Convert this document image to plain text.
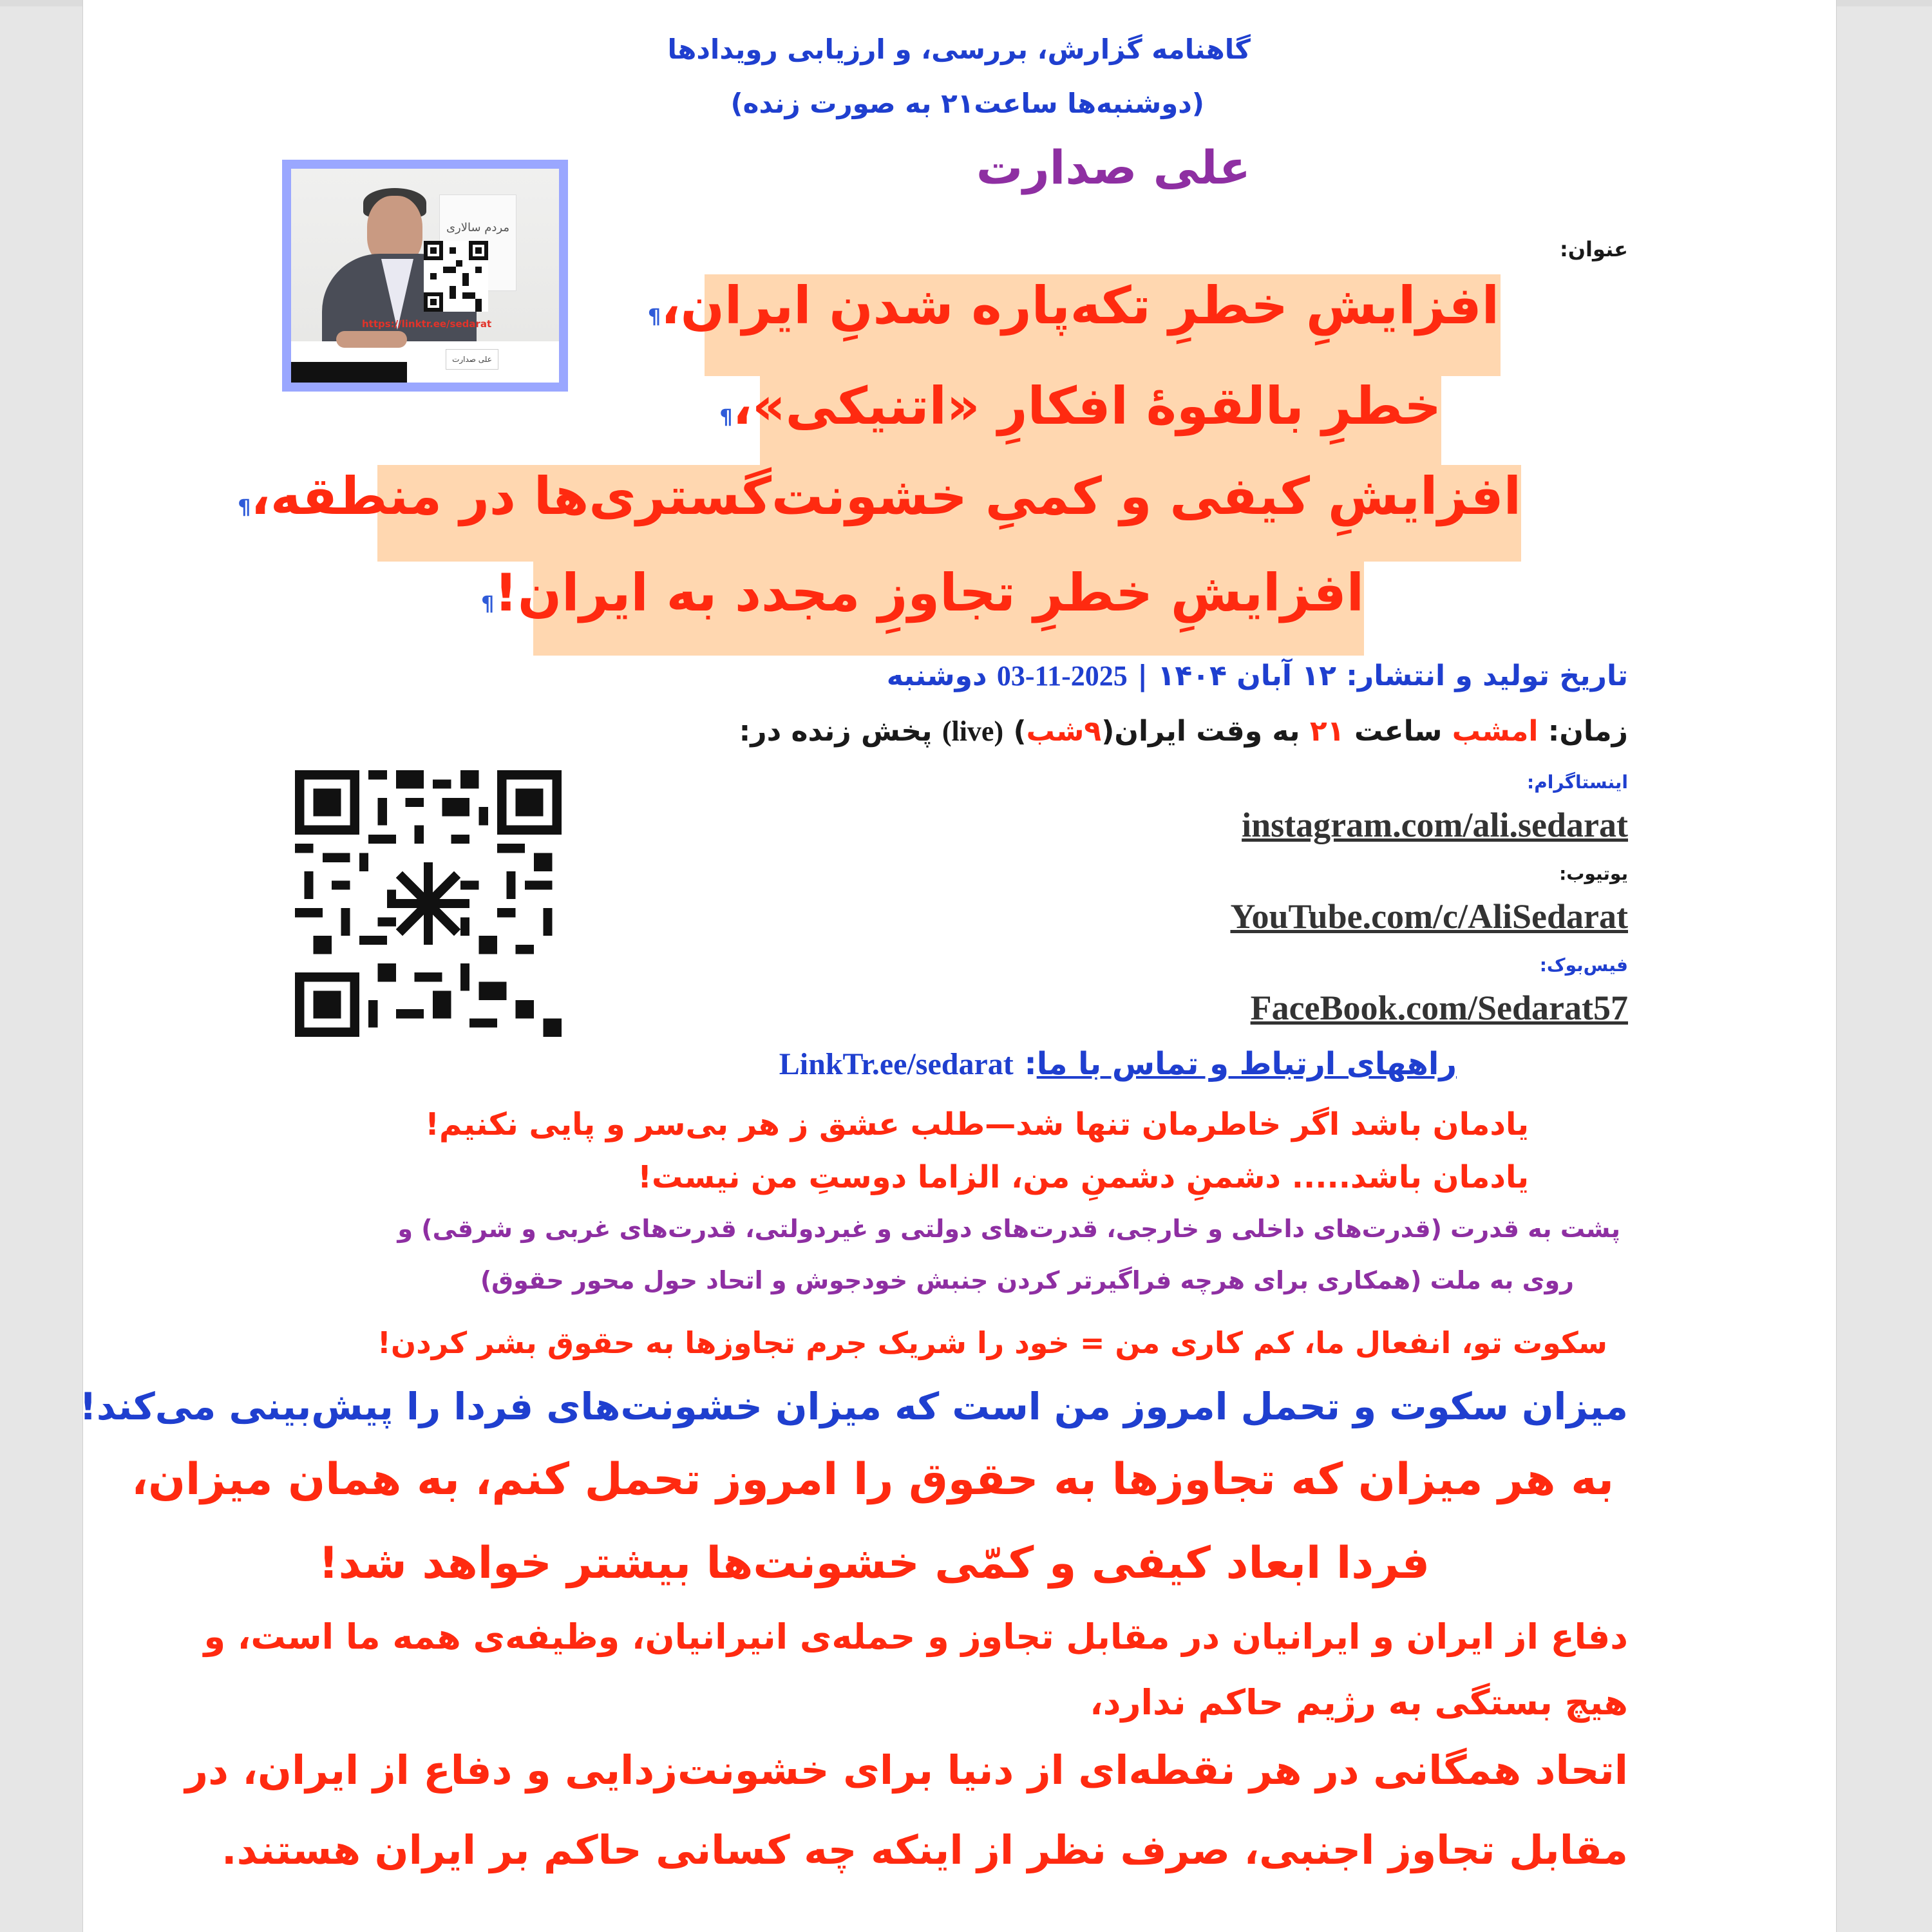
گاهنامه گزارش، بررسی، و ارزیابی رویدادها
(دوشنبه‌ها ساعت۲۱ به صورت زنده)
علی صدارت
مردم سالاری
https://linktr.ee/sedarat
علی صدارت
عنوان:
افزایشِ خطرِ تکه‌پاره شدنِ ایران،¶
خطرِ بالقوهٔ افکارِ «اتنیکی»،¶
افزایشِ کیفی و کمیِ خشونت‌گستری‌ها در منطقه،¶
افزایشِ خطرِ تجاوزِ مجدد به ایران!¶
تاریخ تولید و انتشار: ۱۲ آبان ۱۴۰۴ | 2025-11-03 دوشنبه
زمان: امشب ساعت ۲۱ به وقت ایران(۹شب) (live) پخش زنده در:
اینستاگرام:
instagram.com/ali.sedarat
یوتیوب:
YouTube.com/c/AliSedarat
فیس‌بوک:
FaceBook.com/Sedarat57
راههای ارتباط و تماس با ما: LinkTr.ee/sedarat
یادمان باشد اگر خاطرمان تنها شد—طلب عشق ز هر بی‌سر و پایی نکنیم!
یادمان باشد..... دشمنِ دشمنِ من، الزاما دوستِ من نیست!
پشت به قدرت (قدرت‌های داخلی و خارجی، قدرت‌های دولتی و غیردولتی، قدرت‌های غربی و شرقی) و
روی به ملت (همکاری برای هرچه فراگیرتر کردن جنبش خودجوش و اتحاد حول محور حقوق)
سکوت تو، انفعال ما، کم کاری من = خود را شریک جرم تجاوزها به حقوق بشر کردن!
میزان سکوت و تحمل امروز من است که میزان خشونت‌های فردا را پیش‌بینی می‌کند!
به هر میزان که تجاوزها به حقوق را امروز تحمل کنم، به همان میزان،
فردا ابعاد کیفی و کمّی خشونت‌ها بیشتر خواهد شد!
دفاع از ایران و ایرانیان در مقابل تجاوز و حمله‌ی انیرانیان، وظیفه‌ی همه ما است، و
هیچ بستگی به رژیم حاکم ندارد،
اتحاد همگانی در هر نقطه‌ای از دنیا برای خشونت‌زدایی و دفاع از ایران، در
مقابل تجاوز اجنبی، صرف نظر از اینکه چه کسانی حاکم بر ایران هستند.
